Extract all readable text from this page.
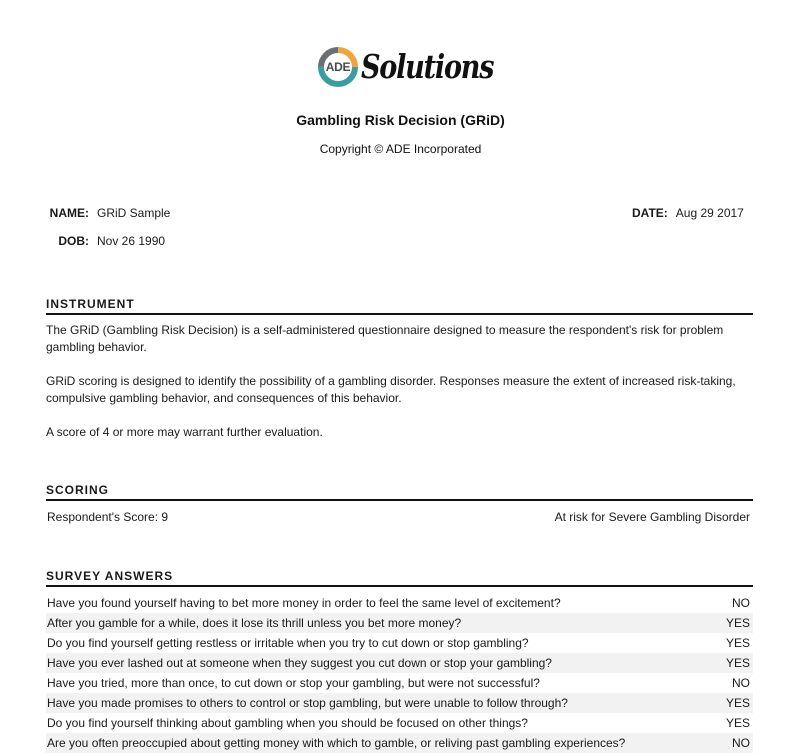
ADE Solutions
Gambling Risk Decision (GRiD)
Copyright © ADE Incorporated
NAME: GRiD Sample
DOB: Nov 26 1990
DATE: Aug 29 2017
INSTRUMENT

The GRiD (Gambling Risk Decision) is a self-administered questionnaire designed to measure the respondent's risk for problem gambling behavior.

GRiD scoring is designed to identify the possibility of a gambling disorder. Responses measure the extent of increased risk-taking, compulsive gambling behavior, and consequences of this behavior.

A score of 4 or more may warrant further evaluation.

SCORING
Respondent's Score: 9	At risk for Severe Gambling Disorder
SURVEY ANSWERS
Have you found yourself having to bet more money in order to feel the same level of excitement?	NO
After you gamble for a while, does it lose its thrill unless you bet more money?	YES
Do you find yourself getting restless or irritable when you try to cut down or stop gambling?	YES
Have you ever lashed out at someone when they suggest you cut down or stop your gambling?	YES
Have you tried, more than once, to cut down or stop your gambling, but were not successful?	NO
Have you made promises to others to control or stop gambling, but were unable to follow through?	YES
Do you find yourself thinking about gambling when you should be focused on other things?	YES
Are you often preoccupied about getting money with which to gamble, or reliving past gambling experiences?	NO
